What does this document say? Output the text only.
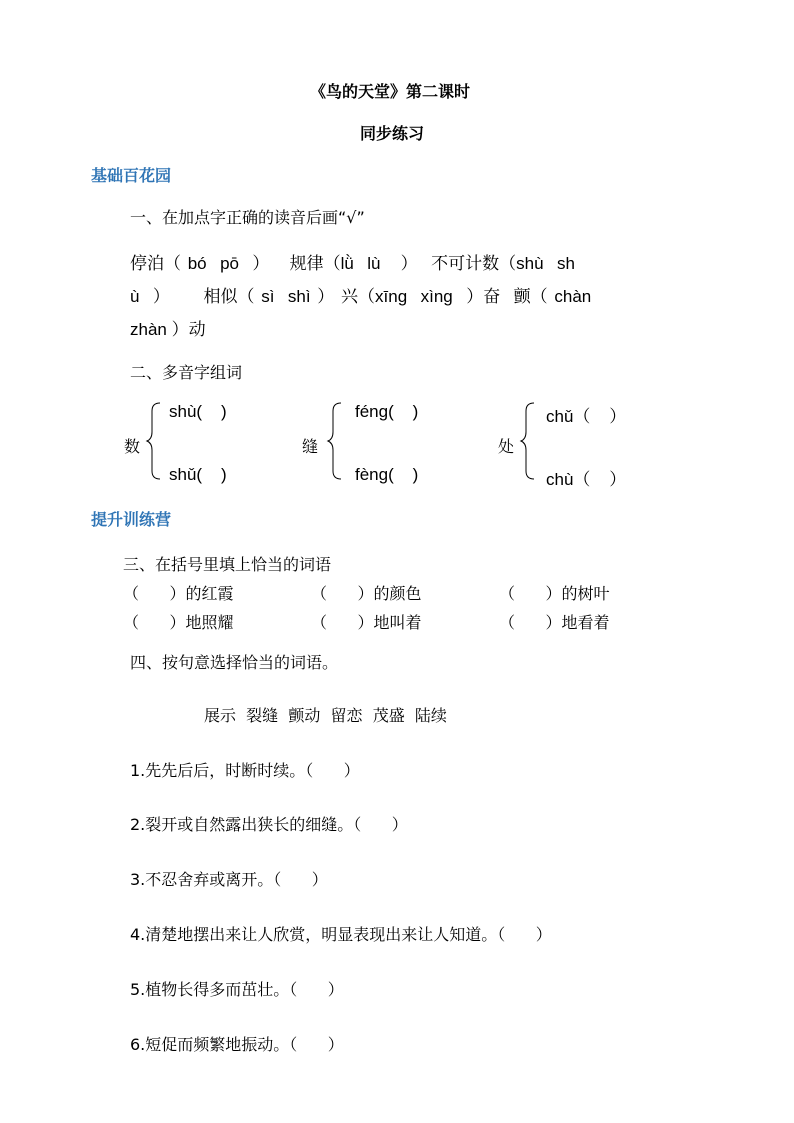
《鸟的天堂》第二课时
同步练习
基础百花园
一、在加点字正确的读音后画“√”
停泊（ bó  pō  ）   规律（lǜ  lù   ）  不可计数（shù  sh
ù  ）     相似（ sì  shì ） 兴（xīng  xìng  ）奋  颤（ chàn
zhàn ）动
二、多音字组词
数
shù(    )
shǔ(    )
缝
féng(    )
fèng(    )
处
chǔ（    ）
chù（    ）
提升训练营
三、在括号里填上恰当的词语
（      ）的红霞	（      ）的颜色	（      ）的树叶
（      ）地照耀	（      ）地叫着	（      ）地看着
四、按句意选择恰当的词语。
展示  裂缝  颤动  留恋  茂盛  陆续
1.先先后后，时断时续。（      ）
2.裂开或自然露出狭长的细缝。（      ）
3.不忍舍弃或离开。（      ）
4.清楚地摆出来让人欣赏，明显表现出来让人知道。（      ）
5.植物长得多而茁壮。（      ）
6.短促而频繁地振动。（      ）
